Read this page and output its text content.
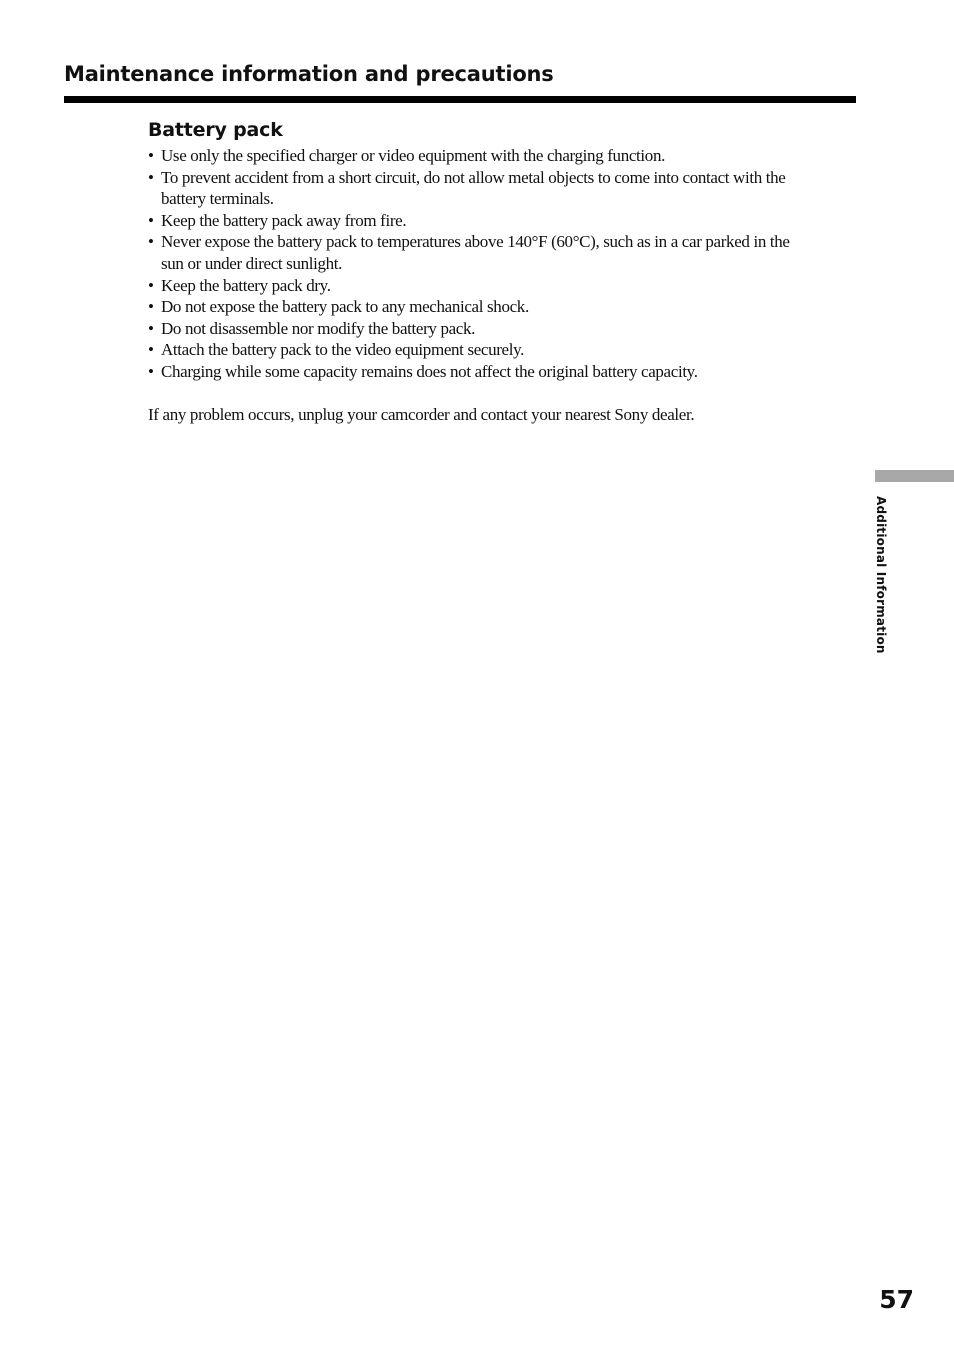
Maintenance information and precautions
Battery pack
• Use only the specified charger or video equipment with the charging function.
• To prevent accident from a short circuit, do not allow metal objects to come into contact with the battery terminals.
• Keep the battery pack away from fire.
• Never expose the battery pack to temperatures above 140°F (60°C), such as in a car parked in the sun or under direct sunlight.
• Keep the battery pack dry.
• Do not expose the battery pack to any mechanical shock.
• Do not disassemble nor modify the battery pack.
• Attach the battery pack to the video equipment securely.
• Charging while some capacity remains does not affect the original battery capacity.

If any problem occurs, unplug your camcorder and contact your nearest Sony dealer.

Additional Information
57
